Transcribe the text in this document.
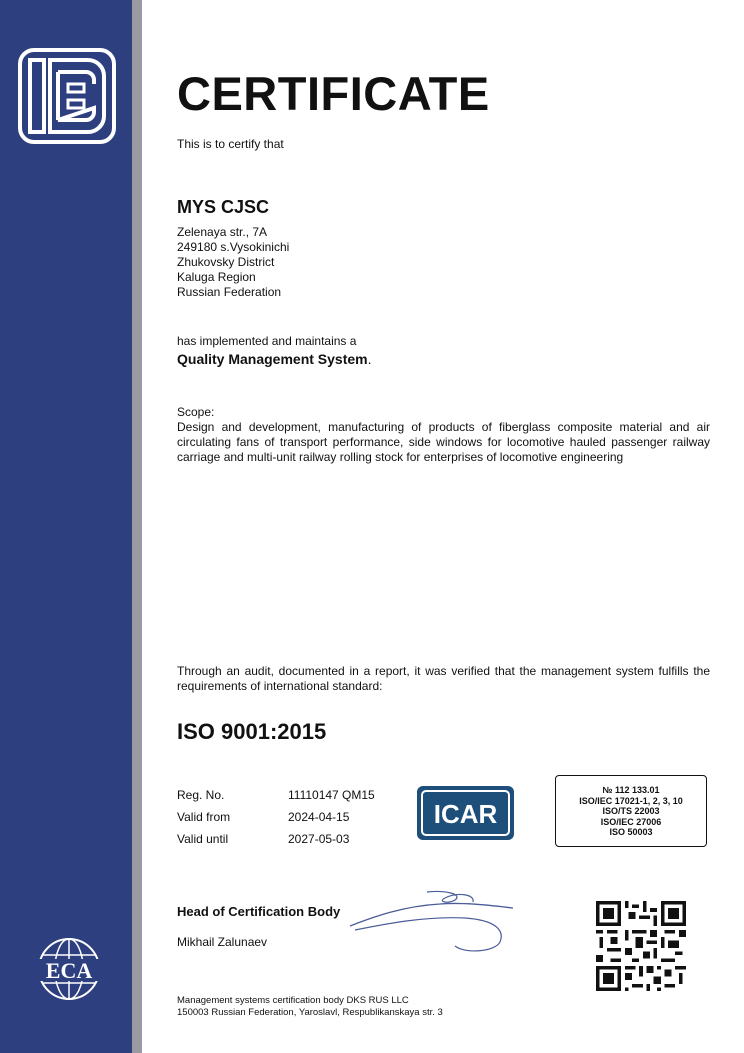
ECA
CERTIFICATE
This is to certify that
MYS CJSC
Zelenaya str., 7A
249180 s.Vysokinichi
Zhukovsky District
Kaluga Region
Russian Federation
has implemented and maintains a
Quality Management System.
Scope:
Design and development, manufacturing of products of fiberglass composite material and air circulating fans of transport performance, side windows for locomotive hauled passenger railway carriage and multi-unit railway rolling stock for enterprises of locomotive engineering
Through an audit, documented in a report, it was verified that the management system fulfills the requirements of international standard:
ISO 9001:2015
Reg. No.	11110147 QM15
Valid from	2024-04-15
Valid until	2027-05-03
ICAR
№ 112 133.01
ISO/IEC 17021-1, 2, 3, 10
ISO/TS 22003
ISO/IEC 27006
ISO 50003
Head of Certification Body
Mikhail Zalunaev
Management systems certification body DKS RUS LLC
150003 Russian Federation, Yaroslavl, Respublikanskaya str. 3
